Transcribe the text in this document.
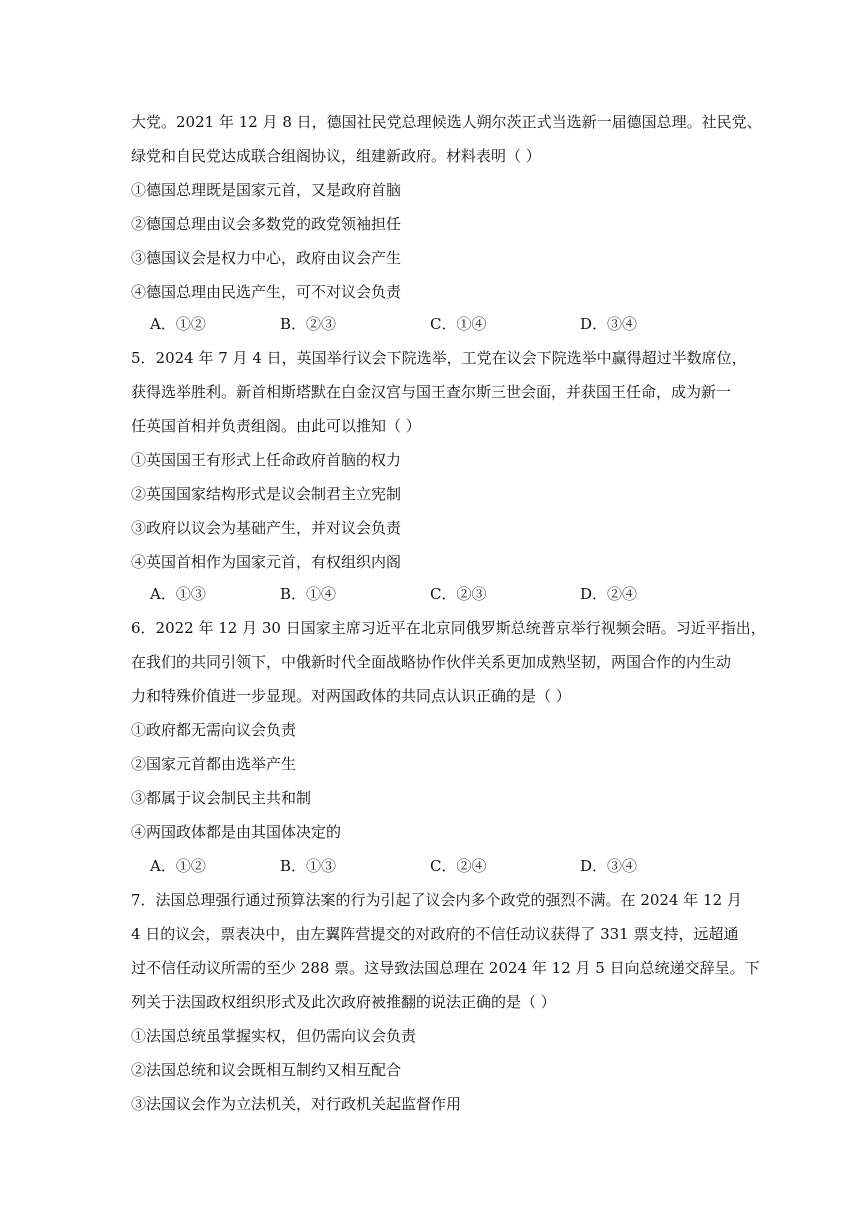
大党。2021 年 12 月 8 日，德国社民党总理候选人朔尔茨正式当选新一届德国总理。社民党、
绿党和自民党达成联合组阁协议，组建新政府。材料表明（ ）
①德国总理既是国家元首，又是政府首脑
②德国总理由议会多数党的政党领袖担任
③德国议会是权力中心，政府由议会产生
④德国总理由民选产生，可不对议会负责
A．①②	B．②③	C．①④	D．③④
5．2024 年 7 月 4 日，英国举行议会下院选举，工党在议会下院选举中赢得超过半数席位，
获得选举胜利。新首相斯塔默在白金汉宫与国王查尔斯三世会面，并获国王任命，成为新一
任英国首相并负责组阁。由此可以推知（ ）
①英国国王有形式上任命政府首脑的权力
②英国国家结构形式是议会制君主立宪制
③政府以议会为基础产生，并对议会负责
④英国首相作为国家元首，有权组织内阁
A．①③	B．①④	C．②③	D．②④
6．2022 年 12 月 30 日国家主席习近平在北京同俄罗斯总统普京举行视频会晤。习近平指出，
在我们的共同引领下，中俄新时代全面战略协作伙伴关系更加成熟坚韧，两国合作的内生动
力和特殊价值进一步显现。对两国政体的共同点认识正确的是（ ）
①政府都无需向议会负责
②国家元首都由选举产生
③都属于议会制民主共和制
④两国政体都是由其国体决定的
A．①②	B．①③	C．②④	D．③④
7．法国总理强行通过预算法案的行为引起了议会内多个政党的强烈不满。在 2024 年 12 月
4 日的议会，票表决中，由左翼阵营提交的对政府的不信任动议获得了 331 票支持，远超通
过不信任动议所需的至少 288 票。这导致法国总理在 2024 年 12 月 5 日向总统递交辞呈。下
列关于法国政权组织形式及此次政府被推翻的说法正确的是（ ）
①法国总统虽掌握实权，但仍需向议会负责
②法国总统和议会既相互制约又相互配合
③法国议会作为立法机关，对行政机关起监督作用
